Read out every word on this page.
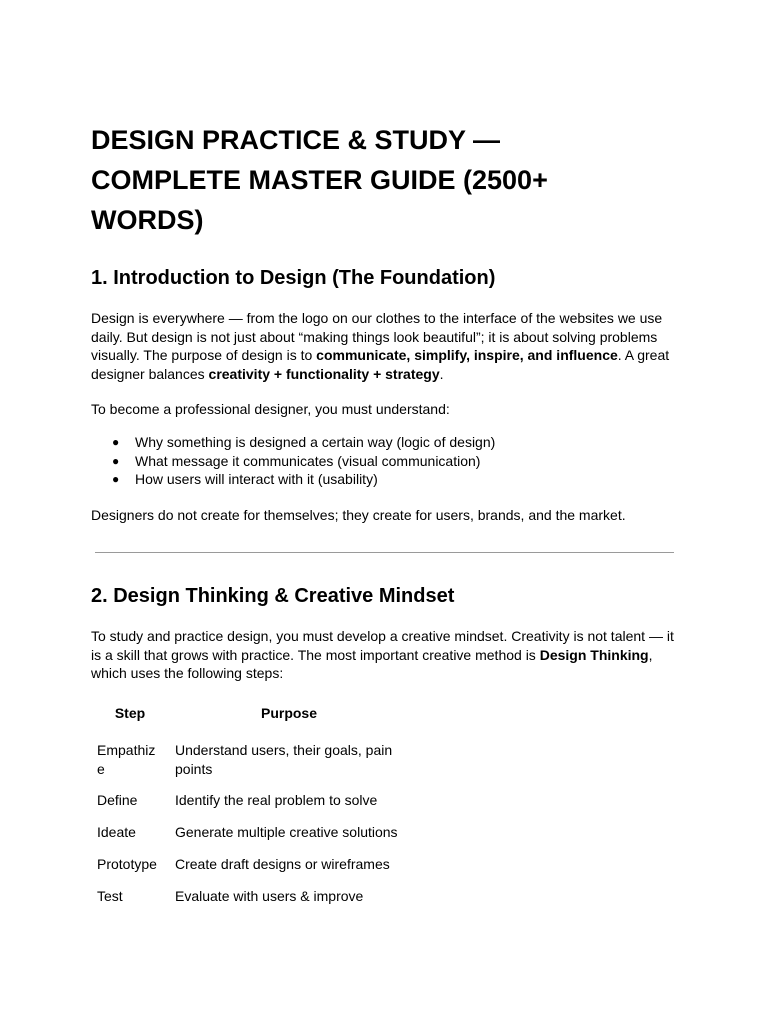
DESIGN PRACTICE & STUDY — COMPLETE MASTER GUIDE (2500+ WORDS)
1. Introduction to Design (The Foundation)

Design is everywhere — from the logo on our clothes to the interface of the websites we use daily. But design is not just about “making things look beautiful”; it is about solving problems visually. The purpose of design is to communicate, simplify, inspire, and influence. A great designer balances creativity + functionality + strategy.

To become a professional designer, you must understand:

● Why something is designed a certain way (logic of design)
● What message it communicates (visual communication)
● How users will interact with it (usability)

Designers do not create for themselves; they create for users, brands, and the market.

2. Design Thinking & Creative Mindset

To study and practice design, you must develop a creative mindset. Creativity is not talent — it is a skill that grows with practice. The most important creative method is Design Thinking, which uses the following steps:

Step	Purpose
Empathize	Understand users, their goals, pain points
Define	Identify the real problem to solve
Ideate	Generate multiple creative solutions
Prototype	Create draft designs or wireframes
Test	Evaluate with users & improve
